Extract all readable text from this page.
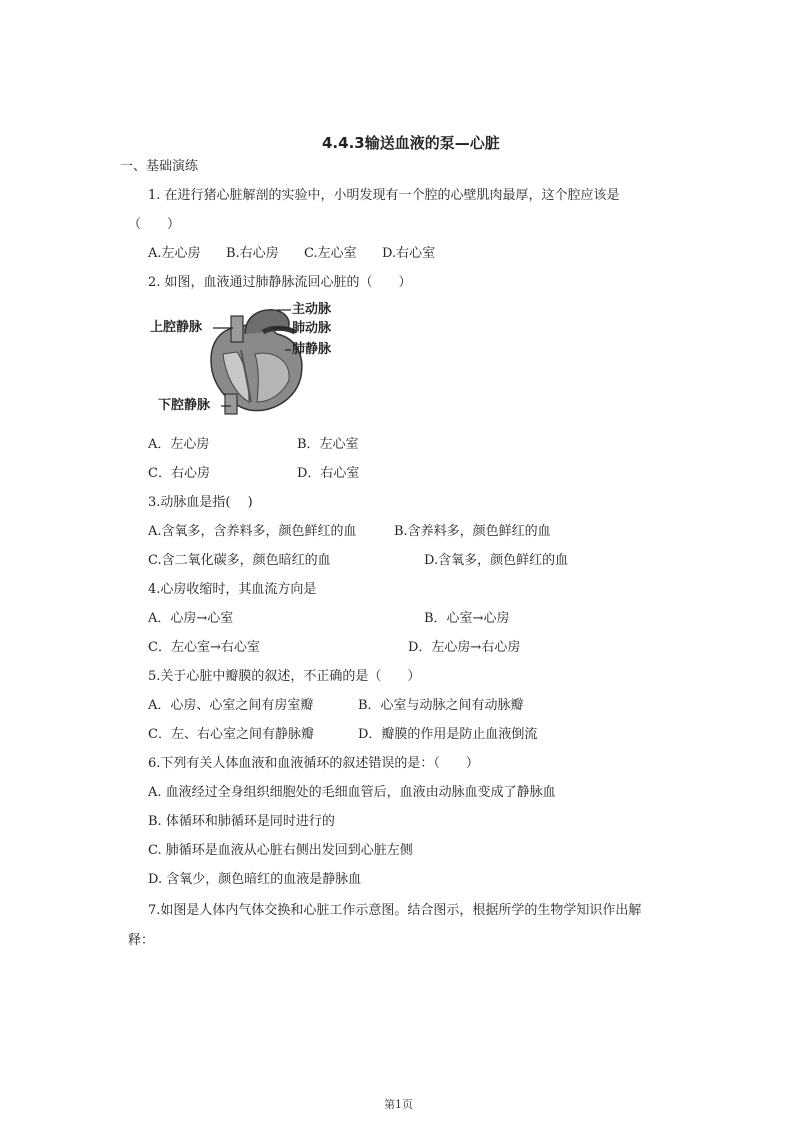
4.4.3输送血液的泵—心脏
一、基础演练
1. 在进行猪心脏解剖的实验中，小明发现有一个腔的心壁肌肉最厚，这个腔应该是
（　　）
A.左心房 B.右心房 C.左心室 D.右心室
2. 如图，血液通过肺静脉流回心脏的（　　）
主动脉
肺动脉
肺静脉
上腔静脉
下腔静脉
A．左心房	B．左心室
C．右心房	D．右心室
3.动脉血是指(　 )
A.含氧多，含养料多，颜色鲜红的血	B.含养料多，颜色鲜红的血
C.含二氧化碳多，颜色暗红的血	D.含氧多，颜色鲜红的血
4.心房收缩时，其血流方向是
A．心房→心室	B．心室→心房
C．左心室→右心室	D．左心房→右心房
5.关于心脏中瓣膜的叙述，不正确的是（　　）
A．心房、心室之间有房室瓣	B．心室与动脉之间有动脉瓣
C．左、右心室之间有静脉瓣	D．瓣膜的作用是防止血液倒流
6.下列有关人体血液和血液循环的叙述错误的是：（　　）
A. 血液经过全身组织细胞处的毛细血管后，血液由动脉血变成了静脉血
B. 体循环和肺循环是同时进行的
C. 肺循环是血液从心脏右侧出发回到心脏左侧
D. 含氧少，颜色暗红的血液是静脉血
7.如图是人体内气体交换和心脏工作示意图。结合图示，根据所学的生物学知识作出解
释：
第1页
